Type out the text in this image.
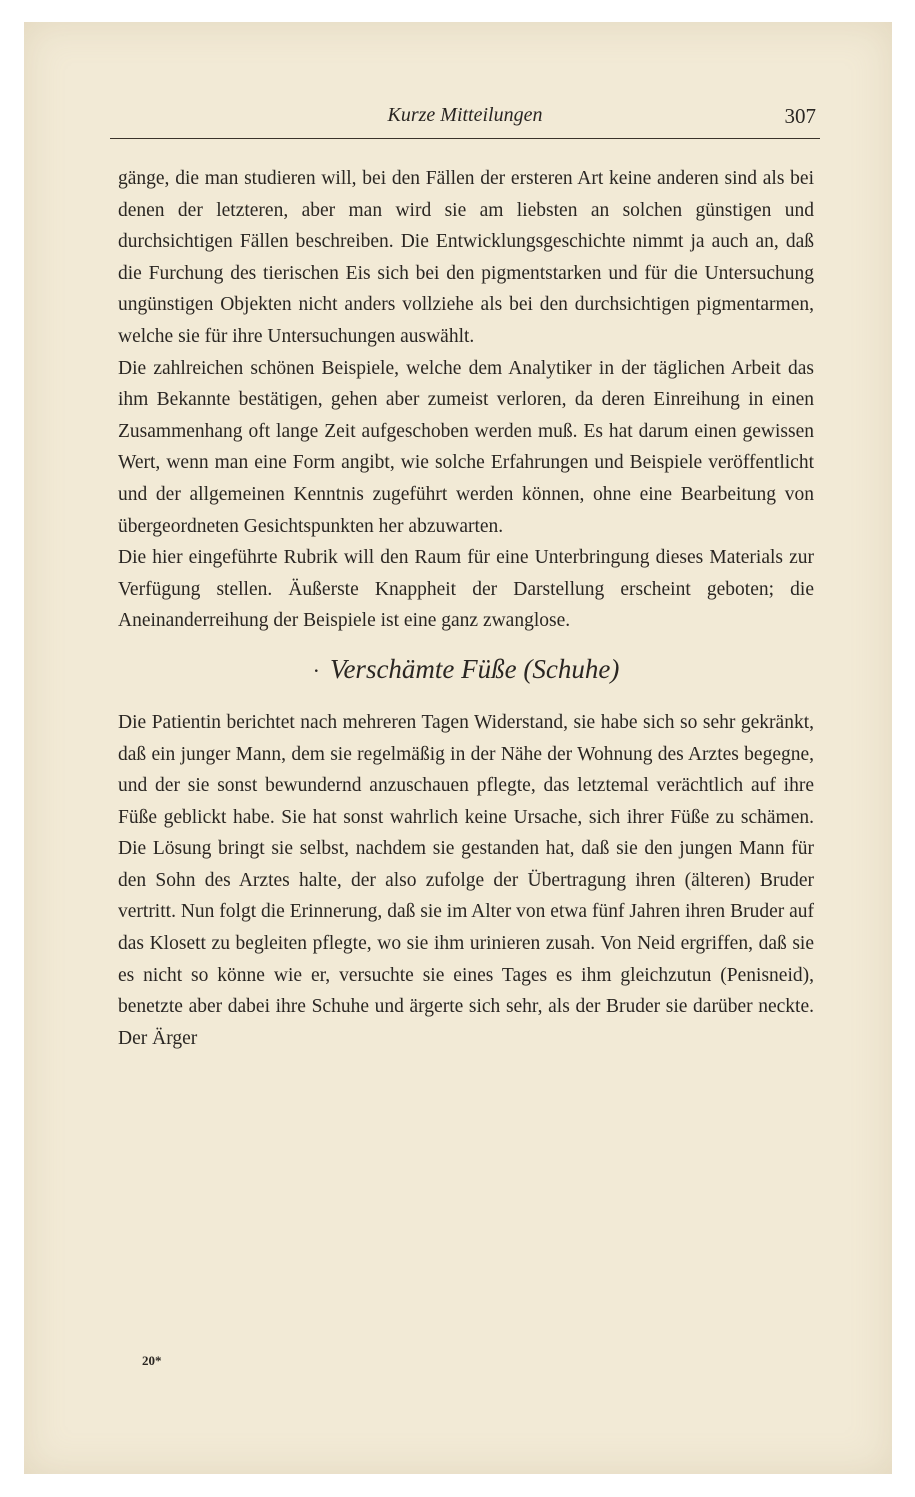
Kurze Mitteilungen	307

gänge, die man studieren will, bei den Fällen der ersteren Art keine anderen sind als bei denen der letzteren, aber man wird sie am liebsten an solchen günstigen und durchsichtigen Fällen beschreiben. Die Entwicklungsgeschichte nimmt ja auch an, daß die Furchung des tierischen Eis sich bei den pigmentstarken und für die Untersuchung ungünstigen Objekten nicht anders vollziehe als bei den durchsichtigen pigmentarmen, welche sie für ihre Untersuchungen auswählt.

Die zahlreichen schönen Beispiele, welche dem Analytiker in der täglichen Arbeit das ihm Bekannte bestätigen, gehen aber zumeist verloren, da deren Einreihung in einen Zusammenhang oft lange Zeit aufgeschoben werden muß. Es hat darum einen gewissen Wert, wenn man eine Form angibt, wie solche Erfahrungen und Beispiele veröffentlicht und der allgemeinen Kenntnis zugeführt werden können, ohne eine Bearbeitung von übergeordneten Gesichtspunkten her abzuwarten.

Die hier eingeführte Rubrik will den Raum für eine Unterbringung dieses Materials zur Verfügung stellen. Äußerste Knappheit der Darstellung erscheint geboten; die Aneinanderreihung der Beispiele ist eine ganz zwanglose.

· Verschämte Füße (Schuhe)

Die Patientin berichtet nach mehreren Tagen Widerstand, sie habe sich so sehr gekränkt, daß ein junger Mann, dem sie regelmäßig in der Nähe der Wohnung des Arztes begegne, und der sie sonst bewundernd anzuschauen pflegte, das letztemal verächtlich auf ihre Füße geblickt habe. Sie hat sonst wahrlich keine Ursache, sich ihrer Füße zu schämen. Die Lösung bringt sie selbst, nachdem sie gestanden hat, daß sie den jungen Mann für den Sohn des Arztes halte, der also zufolge der Übertragung ihren (älteren) Bruder vertritt. Nun folgt die Erinnerung, daß sie im Alter von etwa fünf Jahren ihren Bruder auf das Klosett zu begleiten pflegte, wo sie ihm urinieren zusah. Von Neid ergriffen, daß sie es nicht so könne wie er, versuchte sie eines Tages es ihm gleichzutun (Penisneid), benetzte aber dabei ihre Schuhe und ärgerte sich sehr, als der Bruder sie darüber neckte. Der Ärger

20*
